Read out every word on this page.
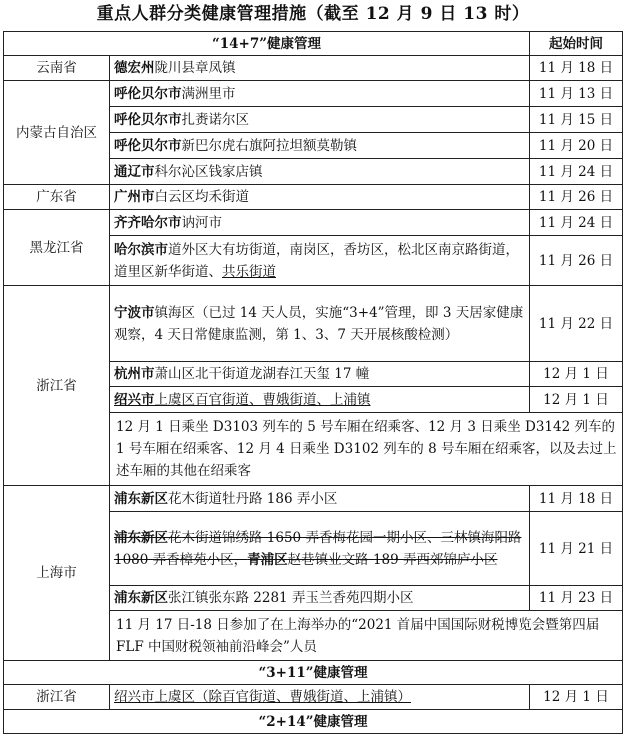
重点人群分类健康管理措施（截至 12 月 9 日 13 时）
“14+7”健康管理		起始时间
云南省	德宏州陇川县章凤镇	11 月 18 日

内蒙古自治区	呼伦贝尔市满洲里市	11 月 13 日
	呼伦贝尔市扎赉诺尔区	11 月 15 日
	呼伦贝尔市新巴尔虎右旗阿拉坦额莫勒镇	11 月 20 日
	通辽市科尔沁区钱家店镇	11 月 24 日
广东省	广州市白云区均禾街道	11 月 26 日
黑龙江省	齐齐哈尔市讷河市	11 月 24 日
	哈尔滨市道外区大有坊街道，南岗区，香坊区，松北区南京路街道，道里区新华街道、共乐街道	11 月 26 日
浙江省	宁波市镇海区（已过 14 天人员，实施“3+4”管理，即 3 天居家健康观察，4 天日常健康监测，第 1、3、7 天开展核酸检测）	11 月 22 日
	杭州市萧山区北干街道龙湖春江天玺 17 幢	12 月 1 日
	绍兴市上虞区百官街道、曹娥街道、上浦镇	12 月 1 日
	12 月 1 日乘坐 D3103 列车的 5 号车厢在绍乘客、12 月 3 日乘坐 D3142 列车的 1 号车厢在绍乘客、12 月 4 日乘坐 D3102 列车的 8 号车厢在绍乘客，以及去过上述车厢的其他在绍乘客	
上海市	浦东新区花木街道牡丹路 186 弄小区	11 月 18 日
	浦东新区花木街道锦绣路 1650 弄香梅花园一期小区、三林镇海阳路 1080 弄香樟苑小区，青浦区赵巷镇业文路 189 弄西郊锦庐小区	11 月 21 日
	浦东新区张江镇张东路 2281 弄玉兰香苑四期小区	11 月 23 日
	11 月 17 日-18 日参加了在上海举办的“2021 首届中国国际财税博览会暨第四届 FLF 中国财税领袖前沿峰会”人员	
“3+11”健康管理		
浙江省	绍兴市上虞区（除百官街道、曹娥街道、上浦镇）	12 月 1 日
“2+14”健康管理		
